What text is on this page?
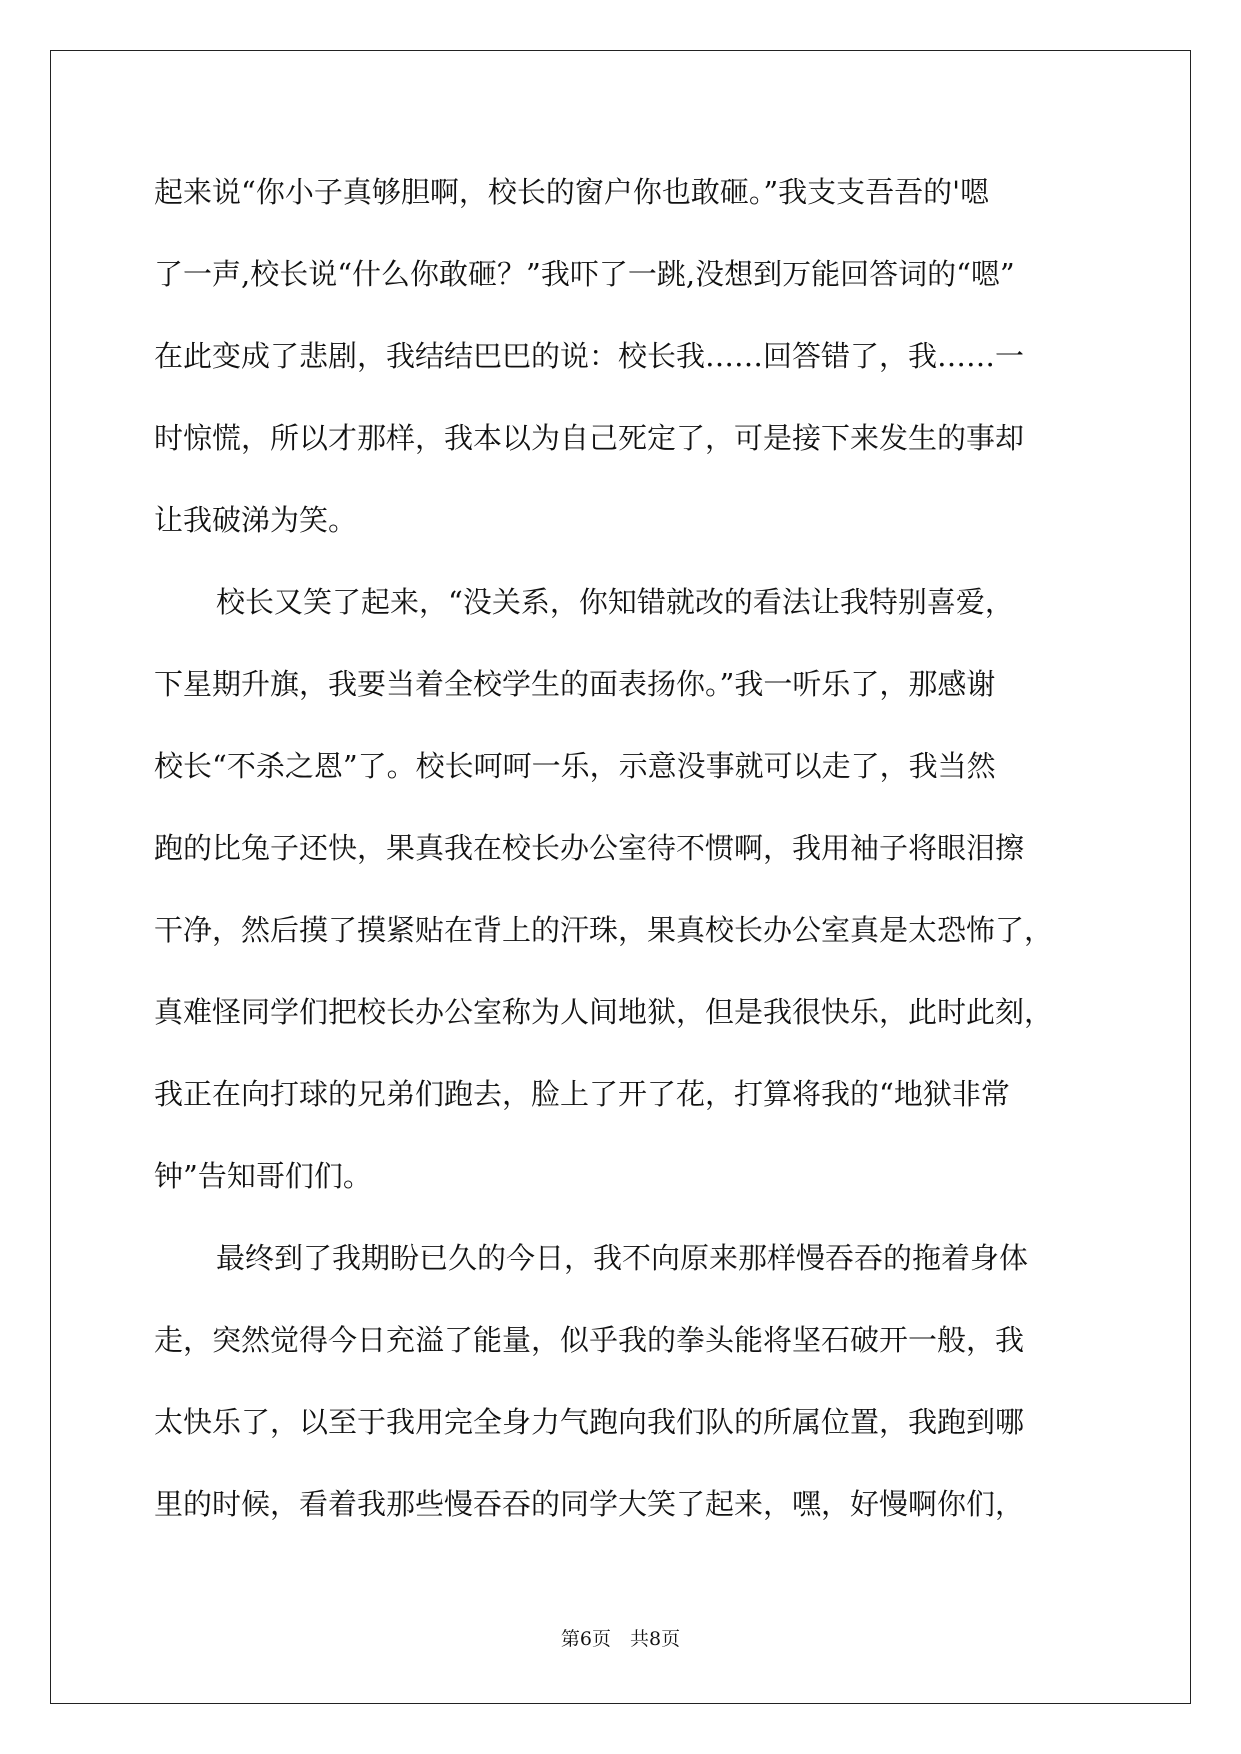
起来说“你小子真够胆啊，校长的窗户你也敢砸。”我支支吾吾的'嗯
了一声,校长说“什么你敢砸？”我吓了一跳,没想到万能回答词的“嗯”
在此变成了悲剧，我结结巴巴的说：校长我……回答错了，我……一
时惊慌，所以才那样，我本以为自己死定了，可是接下来发生的事却
让我破涕为笑。
校长又笑了起来，“没关系，你知错就改的看法让我特别喜爱，
下星期升旗，我要当着全校学生的面表扬你。”我一听乐了，那感谢
校长“不杀之恩”了。校长呵呵一乐，示意没事就可以走了，我当然
跑的比兔子还快，果真我在校长办公室待不惯啊，我用袖子将眼泪擦
干净，然后摸了摸紧贴在背上的汗珠，果真校长办公室真是太恐怖了，
真难怪同学们把校长办公室称为人间地狱，但是我很快乐，此时此刻，
我正在向打球的兄弟们跑去，脸上了开了花，打算将我的“地狱非常
钟”告知哥们们。
最终到了我期盼已久的今日，我不向原来那样慢吞吞的拖着身体
走，突然觉得今日充溢了能量，似乎我的拳头能将坚石破开一般，我
太快乐了，以至于我用完全身力气跑向我们队的所属位置，我跑到哪
里的时候，看着我那些慢吞吞的同学大笑了起来，嘿，好慢啊你们，
第6页　共8页
